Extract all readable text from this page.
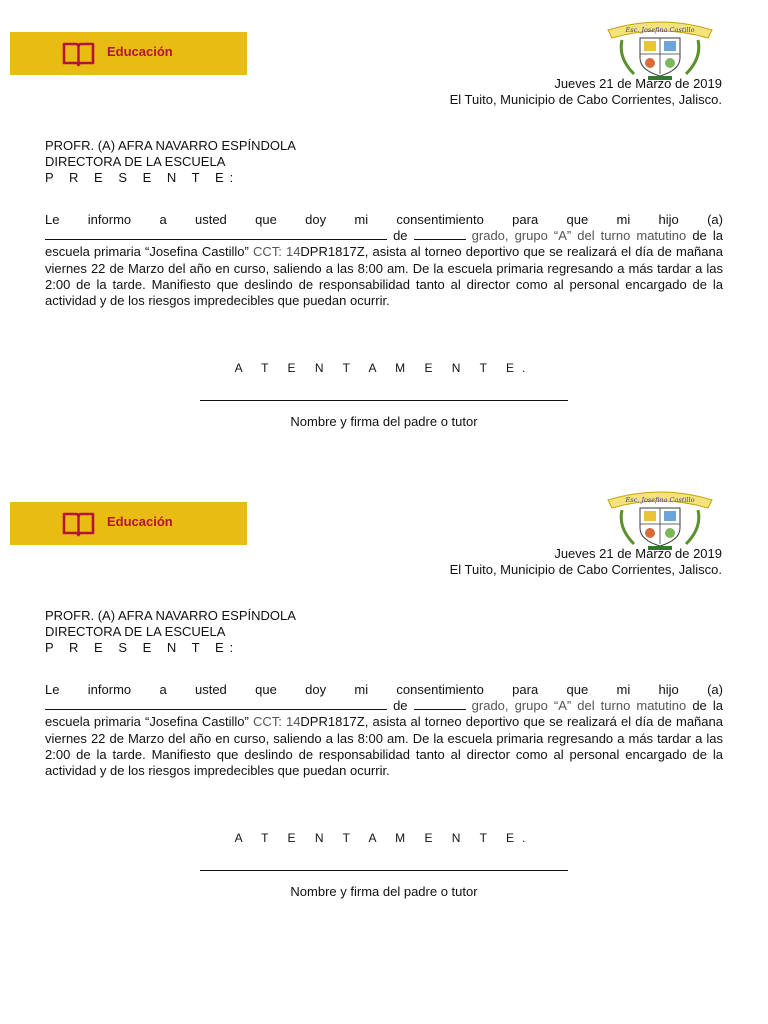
Educación
Esc. Josefina Castillo
Jueves 21 de Marzo de 2019
El Tuito, Municipio de Cabo Corrientes, Jalisco.
PROFR. (A) AFRA NAVARRO ESPÍNDOLA
DIRECTORA DE LA ESCUELA
P R E S E N T E:
Le informo a usted que doy mi consentimiento para que mi hijo (a)  de	grado, grupo “A” del turno matutino de la escuela primaria “Josefina Castillo” CCT: 14DPR1817Z, asista al torneo deportivo que se realizará el día de mañana viernes 22 de Marzo del año en curso, saliendo a las 8:00 am. De la escuela primaria regresando a más tardar a las 2:00 de la tarde. Manifiesto que deslindo de responsabilidad tanto al director como al personal encargado de la actividad y de los riesgos impredecibles que puedan ocurrir.
A T E N T A M E N T E.
Nombre y firma del padre o tutor
Educación
Esc. Josefina Castillo
Jueves 21 de Marzo de 2019
El Tuito, Municipio de Cabo Corrientes, Jalisco.
PROFR. (A) AFRA NAVARRO ESPÍNDOLA
DIRECTORA DE LA ESCUELA
P R E S E N T E:
Le informo a usted que doy mi consentimiento para que mi hijo (a)  de	grado, grupo “A” del turno matutino de la escuela primaria “Josefina Castillo” CCT: 14DPR1817Z, asista al torneo deportivo que se realizará el día de mañana viernes 22 de Marzo del año en curso, saliendo a las 8:00 am. De la escuela primaria regresando a más tardar a las 2:00 de la tarde. Manifiesto que deslindo de responsabilidad tanto al director como al personal encargado de la actividad y de los riesgos impredecibles que puedan ocurrir.
A T E N T A M E N T E.
Nombre y firma del padre o tutor
